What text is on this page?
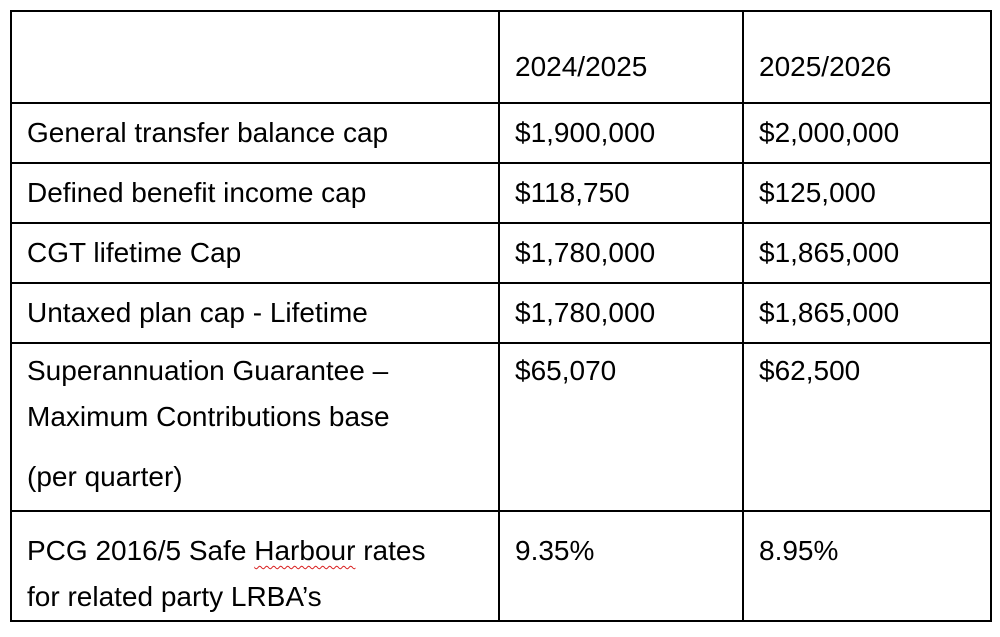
	2024/2025	2025/2026
General transfer balance cap	$1,900,000	$2,000,000
Defined benefit income cap	$118,750	$125,000
CGT lifetime Cap	$1,780,000	$1,865,000
Untaxed plan cap - Lifetime	$1,780,000	$1,865,000

Superannuation Guarantee –
Maximum Contributions base
(per quarter)	$65,070	$62,500

PCG 2016/5 Safe Harbour rates
for related party LRBA’s	9.35%	8.95%
